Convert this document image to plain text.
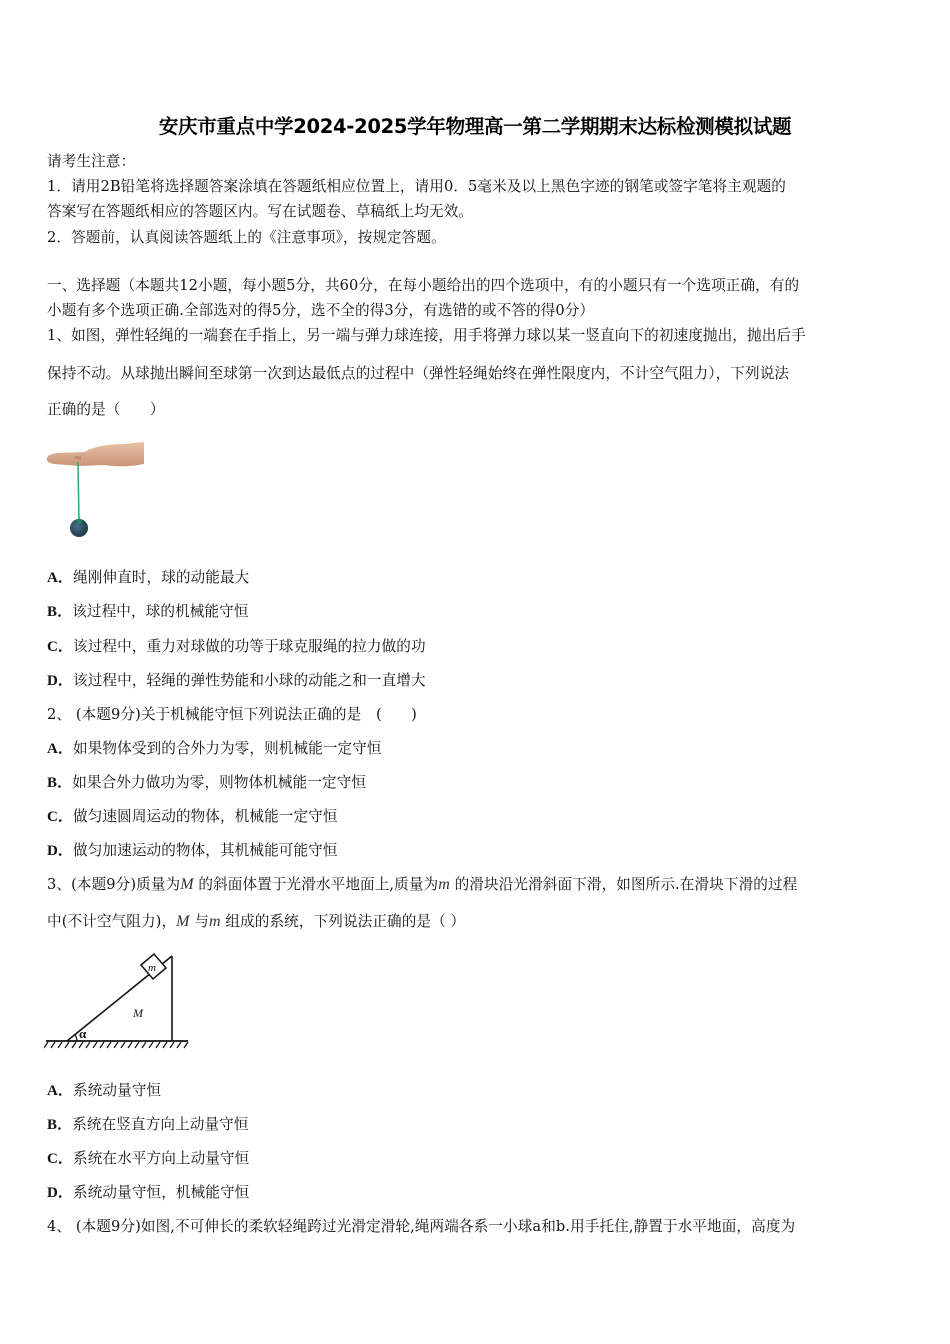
安庆市重点中学2024-2025学年物理高一第二学期期末达标检测模拟试题
请考生注意：
1．请用2B铅笔将选择题答案涂填在答题纸相应位置上，请用0．5毫米及以上黑色字迹的钢笔或签字笔将主观题的
答案写在答题纸相应的答题区内。写在试题卷、草稿纸上均无效。
2．答题前，认真阅读答题纸上的《注意事项》，按规定答题。
一、选择题（本题共12小题，每小题5分，共60分，在每小题给出的四个选项中，有的小题只有一个选项正确，有的
小题有多个选项正确.全部选对的得5分，选不全的得3分，有选错的或不答的得0分）
1、如图，弹性轻绳的一端套在手指上，另一端与弹力球连接，用手将弹力球以某一竖直向下的初速度抛出，抛出后手
保持不动。从球抛出瞬间至球第一次到达最低点的过程中（弹性轻绳始终在弹性限度内，不计空气阻力），下列说法
正确的是（　　）
A．绳刚伸直时，球的动能最大
B．该过程中，球的机械能守恒
C．该过程中，重力对球做的功等于球克服绳的拉力做的功
D．该过程中，轻绳的弹性势能和小球的动能之和一直增大
2、 (本题9分)关于机械能守恒下列说法正确的是　(　　)
A．如果物体受到的合外力为零，则机械能一定守恒
B．如果合外力做功为零，则物体机械能一定守恒
C．做匀速圆周运动的物体，机械能一定守恒
D．做匀加速运动的物体，其机械能可能守恒
3、(本题9分)质量为M 的斜面体置于光滑水平地面上,质量为m 的滑块沿光滑斜面下滑，如图所示.在滑块下滑的过程
中(不计空气阻力)，M 与m 组成的系统，下列说法正确的是（ ）
m
M
α
A．系统动量守恒
B．系统在竖直方向上动量守恒
C．系统在水平方向上动量守恒
D．系统动量守恒，机械能守恒
4、 (本题9分)如图,不可伸长的柔软轻绳跨过光滑定滑轮,绳两端各系一小球a和b.用手托住,静置于水平地面，高度为
